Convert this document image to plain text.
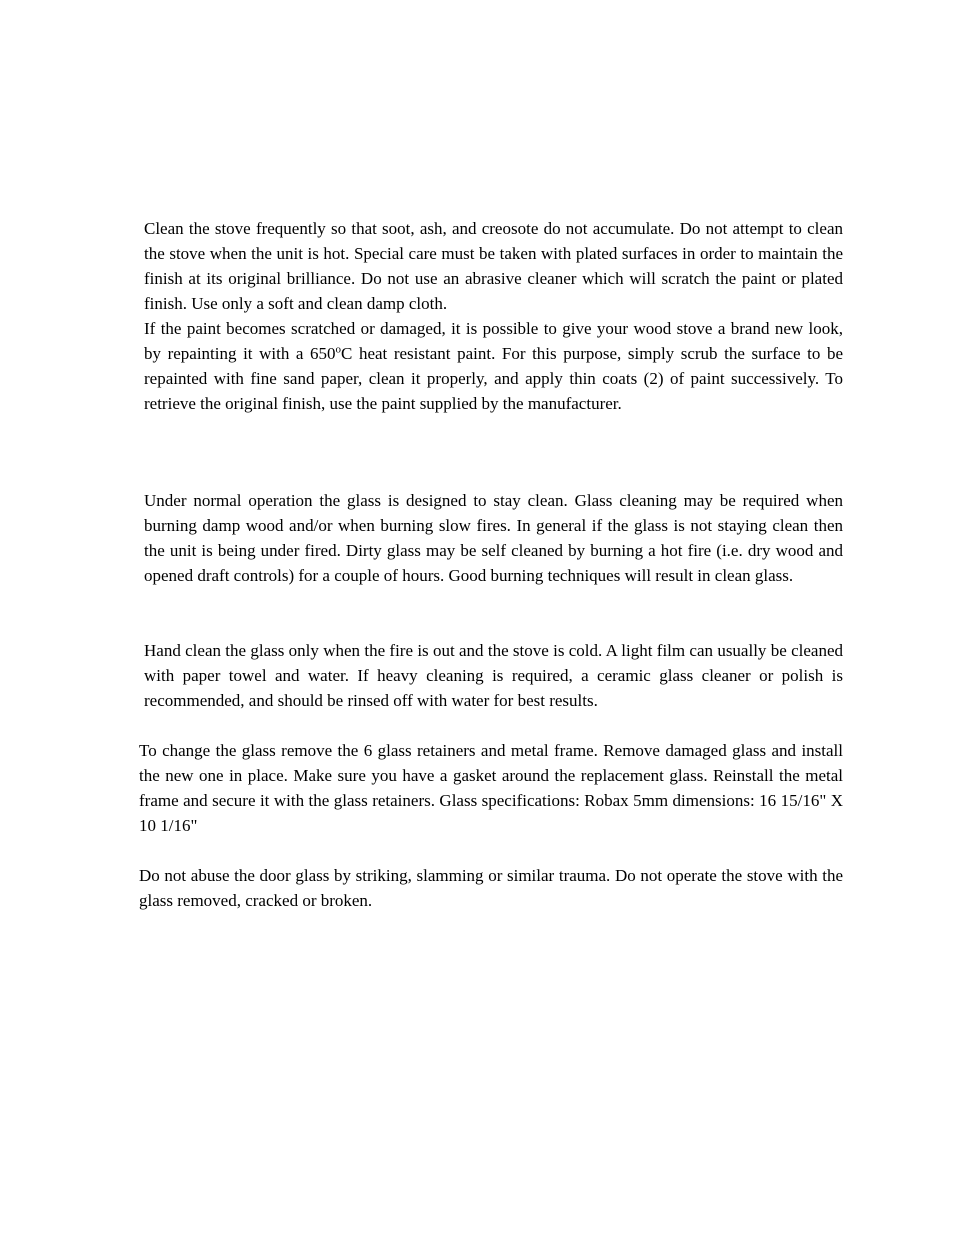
Clean the stove frequently so that soot, ash, and creosote do not accumulate. Do not attempt to clean the stove when the unit is hot. Special care must be taken with plated surfaces in order to maintain the finish at its original brilliance. Do not use an abrasive cleaner which will scratch the paint or plated finish. Use only a soft and clean damp cloth.

If the paint becomes scratched or damaged, it is possible to give your wood stove a brand new look, by repainting it with a 650$^o$C heat resistant paint. For this purpose, simply scrub the surface to be repainted with fine sand paper, clean it properly, and apply thin coats (2) of paint successively. To retrieve the original finish, use the paint supplied by the manufacturer.

Under normal operation the glass is designed to stay clean. Glass cleaning may be required when burning damp wood and/or when burning slow fires. In general if the glass is not staying clean then the unit is being under fired. Dirty glass may be self cleaned by burning a hot fire (i.e. dry wood and opened draft controls) for a couple of hours. Good burning techniques will result in clean glass.

Hand clean the glass only when the fire is out and the stove is cold. A light film can usually be cleaned with paper towel and water. If heavy cleaning is required, a ceramic glass cleaner or polish is recommended, and should be rinsed off with water for best results.

To change the glass remove the 6 glass retainers and metal frame. Remove damaged glass and install the new one in place. Make sure you have a gasket around the replacement glass. Reinstall the metal frame and secure it with the glass retainers. Glass specifications: Robax 5mm dimensions: 16 15/16" X 10 1/16"

Do not abuse the door glass by striking, slamming or similar trauma. Do not operate the stove with the glass removed, cracked or broken.
